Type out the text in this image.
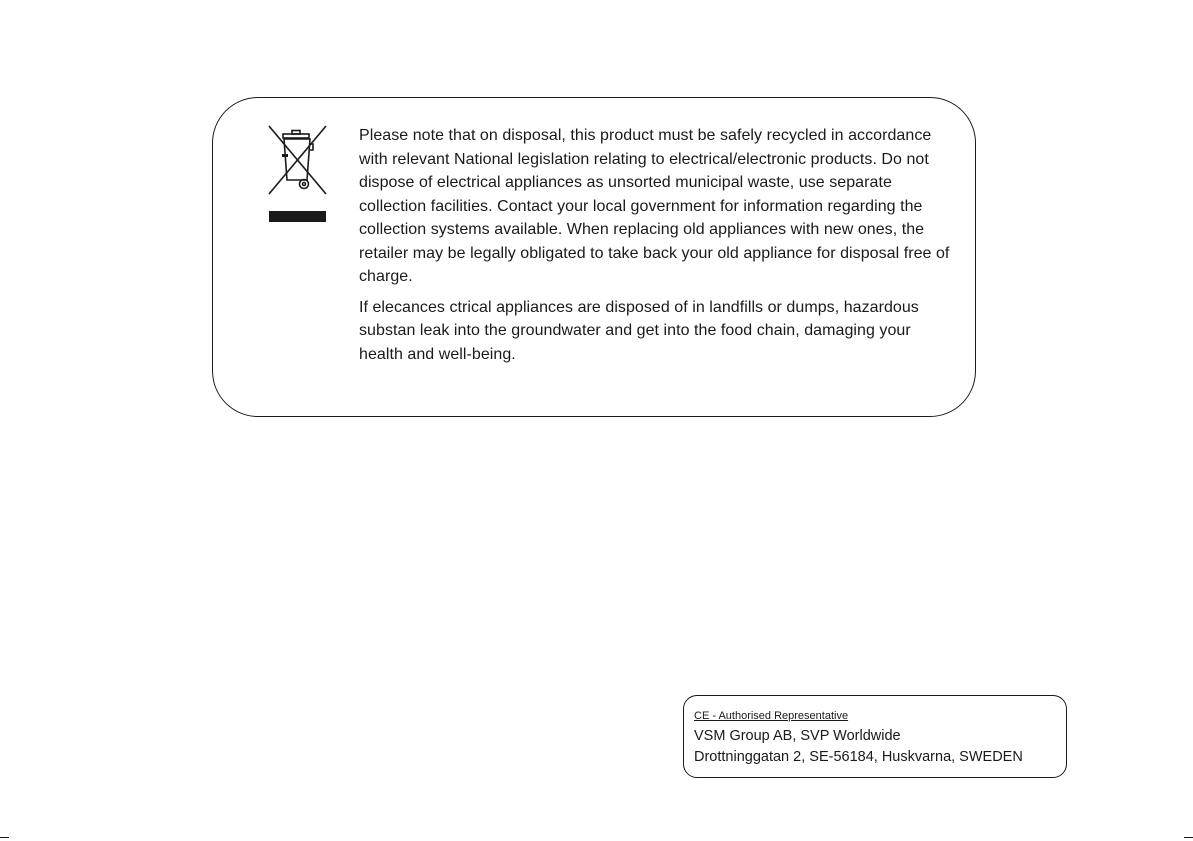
Please note that on disposal, this product must be safely recycled in accordance with relevant National legislation relating to electrical/electronic products. Do not dispose of electrical appliances as unsorted municipal waste, use separate collection facilities. Contact your local government for information regarding the collection systems available. When replacing old appliances with new ones, the retailer may be legally obligated to take back your old appliance for disposal free of charge.

If elecances ctrical appliances are disposed of in landfills or dumps, hazardous substan leak into the groundwater and get into the food chain, damaging your health and well-being.

CE - Authorised Representative
VSM Group AB, SVP Worldwide
Drottninggatan 2, SE-56184, Huskvarna, SWEDEN
